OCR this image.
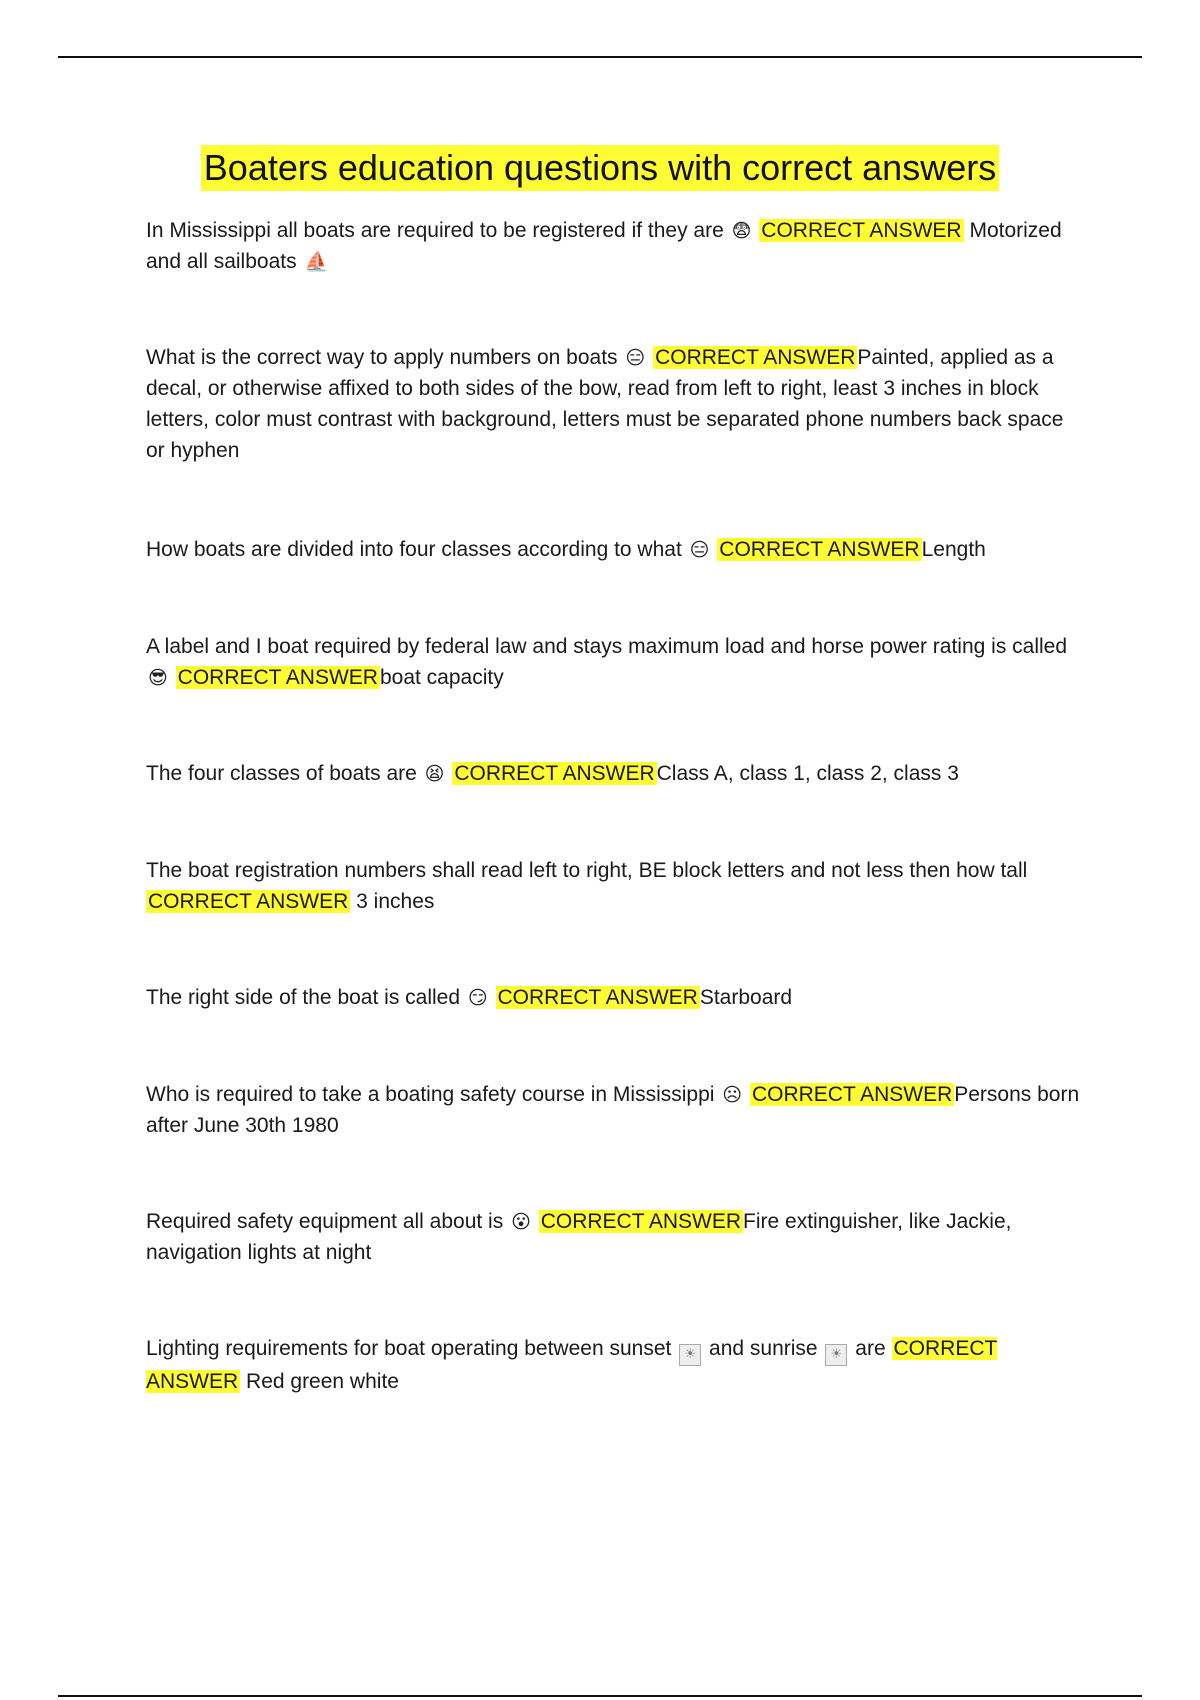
Boaters education questions with correct answers
In Mississippi all boats are required to be registered if they are 😨 CORRECT ANSWER Motorized and all sailboats ⛵
What is the correct way to apply numbers on boats 😑 CORRECT ANSWERPainted, applied as a decal, or otherwise affixed to both sides of the bow, read from left to right, least 3 inches in block letters, color must contrast with background, letters must be separated phone numbers back space or hyphen
How boats are divided into four classes according to what 😑 CORRECT ANSWERLength
A label and I boat required by federal law and stays maximum load and horse power rating is called 😎 CORRECT ANSWERboat capacity
The four classes of boats are 😫 CORRECT ANSWERClass A, class 1, class 2, class 3
The boat registration numbers shall read left to right, BE block letters and not less then how tall CORRECT ANSWER 3 inches
The right side of the boat is called 😏 CORRECT ANSWERStarboard
Who is required to take a boating safety course in Mississippi ☹ CORRECT ANSWERPersons born after June 30th 1980
Required safety equipment all about is 😮 CORRECT ANSWERFire extinguisher, like Jackie, navigation lights at night
Lighting requirements for boat operating between sunset ☀ and sunrise ☀ are CORRECT ANSWER Red green white
